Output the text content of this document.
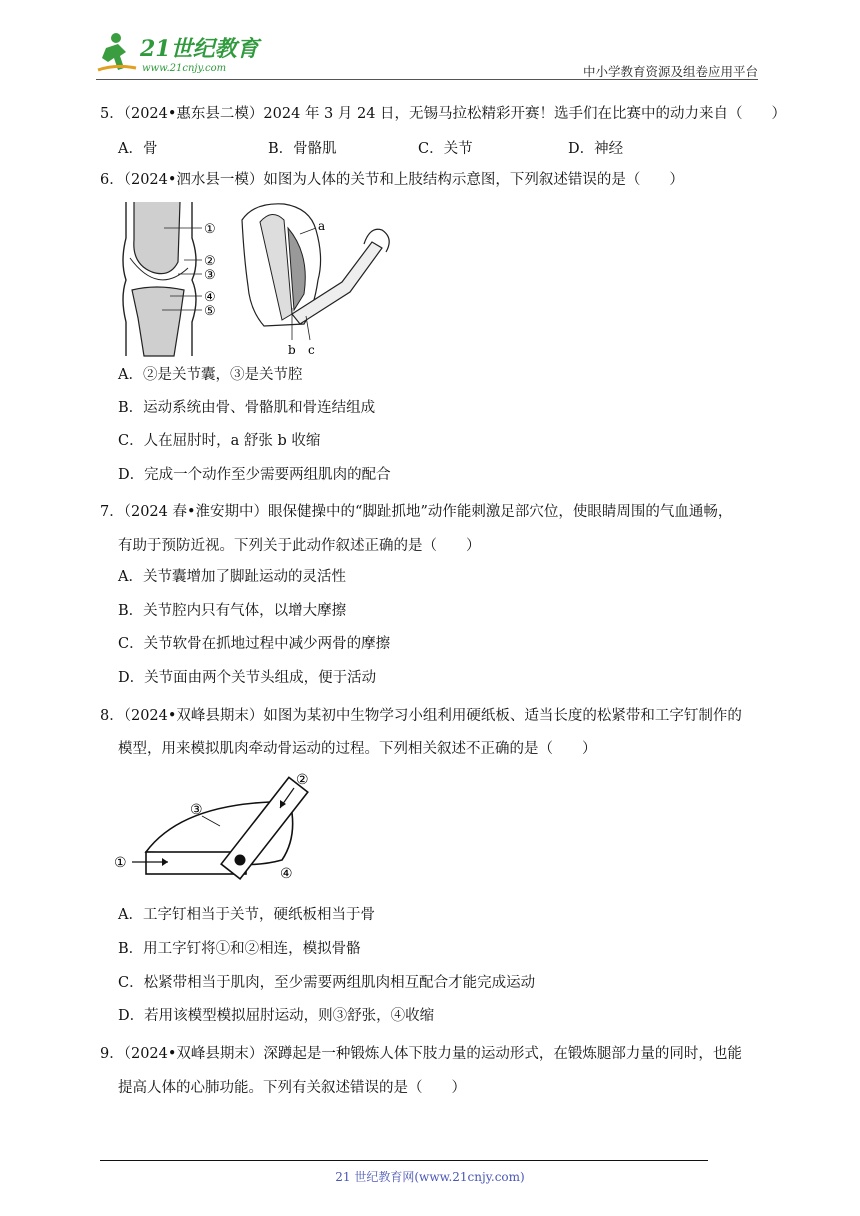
21世纪教育
www.21cnjy.com	中小学教育资源及组卷应用平台
5．（2024•惠东县二模）2024 年 3 月 24 日，无锡马拉松精彩开赛！选手们在比赛中的动力来自（　　）
A．骨	B．骨骼肌	C．关节	D．神经
6．（2024•泗水县一模）如图为人体的关节和上肢结构示意图，下列叙述错误的是（　　）
①
②
③
④
⑤
a
b c
A．②是关节囊，③是关节腔
B．运动系统由骨、骨骼肌和骨连结组成
C．人在屈肘时，a 舒张 b 收缩
D．完成一个动作至少需要两组肌肉的配合
7．（2024 春•淮安期中）眼保健操中的“脚趾抓地”动作能刺激足部穴位，使眼睛周围的气血通畅，
有助于预防近视。下列关于此动作叙述正确的是（　　）
A．关节囊增加了脚趾运动的灵活性
B．关节腔内只有气体，以增大摩擦
C．关节软骨在抓地过程中减少两骨的摩擦
D．关节面由两个关节头组成，便于活动
8．（2024•双峰县期末）如图为某初中生物学习小组利用硬纸板、适当长度的松紧带和工字钉制作的
模型，用来模拟肌肉牵动骨运动的过程。下列相关叙述不正确的是（　　）
①
②
③
④
A．工字钉相当于关节，硬纸板相当于骨
B．用工字钉将①和②相连，模拟骨骼
C．松紧带相当于肌肉，至少需要两组肌肉相互配合才能完成运动
D．若用该模型模拟屈肘运动，则③舒张，④收缩
9．（2024•双峰县期末）深蹲起是一种锻炼人体下肢力量的运动形式，在锻炼腿部力量的同时，也能
提高人体的心肺功能。下列有关叙述错误的是（　　）
21 世纪教育网(www.21cnjy.com)
